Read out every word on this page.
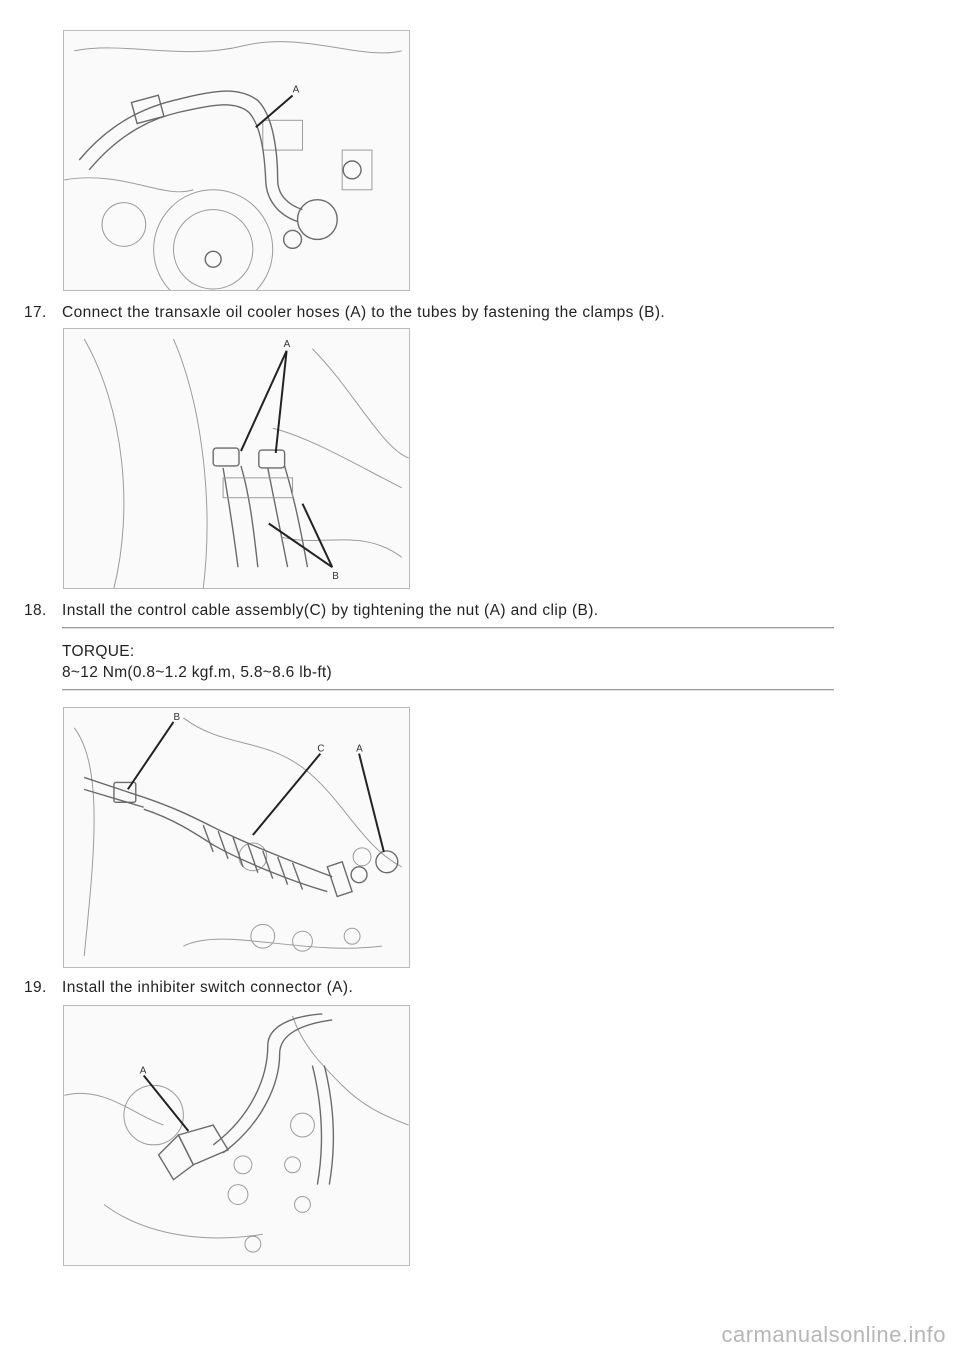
A
17. Connect the transaxle oil cooler hoses (A) to the tubes by fastening the clamps (B).
A
B
18. Install the control cable assembly(C) by tightening the nut (A) and clip (B).
TORQUE:
8~12 Nm(0.8~1.2 kgf.m, 5.8~8.6 lb-ft)
B
C	A
19. Install the inhibiter switch connector (A).
A
carmanualsonline.info
